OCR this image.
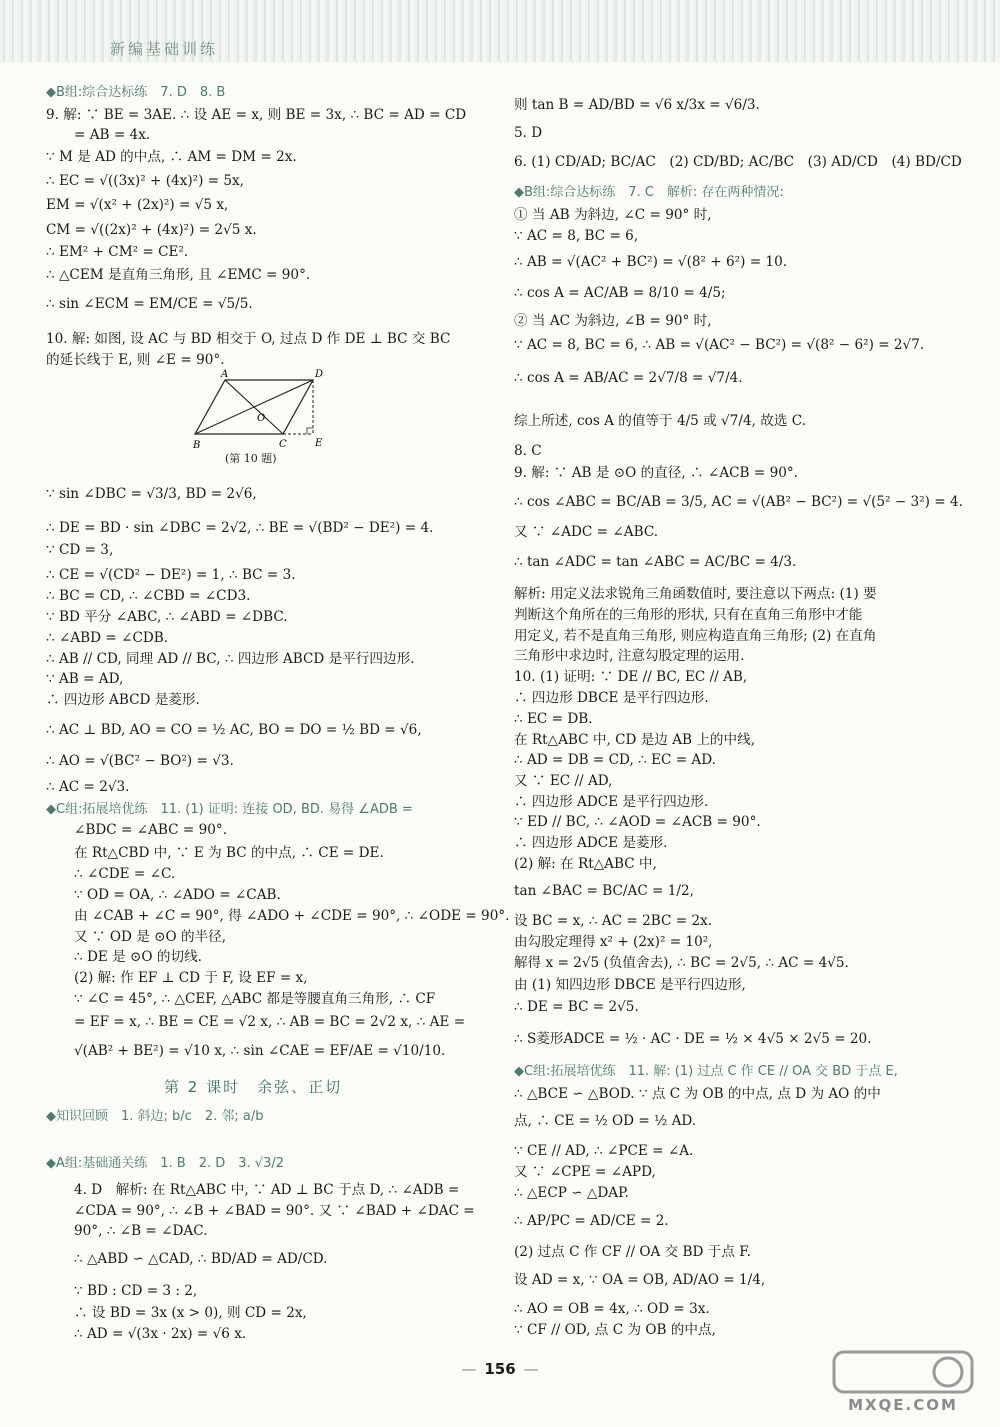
新编基础训练
◆B组:综合达标练　7. D　8. B
9. 解: ∵ BE = 3AE. ∴ 设 AE = x, 则 BE = 3x, ∴ BC = AD = CD
= AB = 4x.
∵ M 是 AD 的中点, ∴ AM = DM = 2x.
∴ EC = √((3x)² + (4x)²) = 5x,
EM = √(x² + (2x)²) = √5 x,
CM = √((2x)² + (4x)²) = 2√5 x.
∴ EM² + CM² = CE².
∴ △CEM 是直角三角形, 且 ∠EMC = 90°.
∴ sin ∠ECM = EM/CE = √5/5.
10. 解: 如图, 设 AC 与 BD 相交于 O, 过点 D 作 DE ⊥ BC 交 BC
的延长线于 E, 则 ∠E = 90°.
∵ sin ∠DBC = √3/3, BD = 2√6,
∴ DE = BD · sin ∠DBC = 2√2, ∴ BE = √(BD² − DE²) = 4.
∵ CD = 3,
∴ CE = √(CD² − DE²) = 1, ∴ BC = 3.
∴ BC = CD, ∴ ∠CBD = ∠CD3.
∵ BD 平分 ∠ABC, ∴ ∠ABD = ∠DBC.
∴ ∠ABD = ∠CDB.
∴ AB // CD, 同理 AD // BC, ∴ 四边形 ABCD 是平行四边形.
∵ AB = AD,
∴ 四边形 ABCD 是菱形.
∴ AC ⊥ BD, AO = CO = ½ AC, BO = DO = ½ BD = √6,
∴ AO = √(BC² − BO²) = √3.
∴ AC = 2√3.
◆C组:拓展培优练　11. (1) 证明: 连接 OD, BD. 易得 ∠ADB =
∠BDC = ∠ABC = 90°.
在 Rt△CBD 中, ∵ E 为 BC 的中点, ∴ CE = DE.
∴ ∠CDE = ∠C.
∵ OD = OA, ∴ ∠ADO = ∠CAB.
由 ∠CAB + ∠C = 90°, 得 ∠ADO + ∠CDE = 90°, ∴ ∠ODE = 90°.
又 ∵ OD 是 ⊙O 的半径,
∴ DE 是 ⊙O 的切线.
(2) 解: 作 EF ⊥ CD 于 F, 设 EF = x,
∵ ∠C = 45°, ∴ △CEF, △ABC 都是等腰直角三角形, ∴ CF
= EF = x, ∴ BE = CE = √2 x, ∴ AB = BC = 2√2 x, ∴ AE =
√(AB² + BE²) = √10 x, ∴ sin ∠CAE = EF/AE = √10/10.
第 2 课时　余弦、正切
◆知识回顾　1. 斜边; b/c　2. 邻; a/b
◆A组:基础通关练　1. B　2. D　3. √3/2
4. D　解析: 在 Rt△ABC 中, ∵ AD ⊥ BC 于点 D, ∴ ∠ADB =
∠CDA = 90°, ∴ ∠B + ∠BAD = 90°. 又 ∵ ∠BAD + ∠DAC =
90°, ∴ ∠B = ∠DAC.
∴ △ABD ∽ △CAD, ∴ BD/AD = AD/CD.
∵ BD : CD = 3 : 2,
∴ 设 BD = 3x (x > 0), 则 CD = 2x,
∴ AD = √(3x · 2x) = √6 x.
则 tan B = AD/BD = √6 x/3x = √6/3.
5. D
6. (1) CD/AD; BC/AC　(2) CD/BD; AC/BC　(3) AD/CD　(4) BD/CD
◆B组:综合达标练　7. C　解析: 存在两种情况:
① 当 AB 为斜边, ∠C = 90° 时,
∵ AC = 8, BC = 6,
∴ AB = √(AC² + BC²) = √(8² + 6²) = 10.
∴ cos A = AC/AB = 8/10 = 4/5;
② 当 AC 为斜边, ∠B = 90° 时,
∵ AC = 8, BC = 6, ∴ AB = √(AC² − BC²) = √(8² − 6²) = 2√7.
∴ cos A = AB/AC = 2√7/8 = √7/4.
综上所述, cos A 的值等于 4/5 或 √7/4, 故选 C.
8. C
9. 解: ∵ AB 是 ⊙O 的直径, ∴ ∠ACB = 90°.
∴ cos ∠ABC = BC/AB = 3/5, AC = √(AB² − BC²) = √(5² − 3²) = 4.
又 ∵ ∠ADC = ∠ABC.
∴ tan ∠ADC = tan ∠ABC = AC/BC = 4/3.
解析: 用定义法求锐角三角函数值时, 要注意以下两点: (1) 要
判断这个角所在的三角形的形状, 只有在直角三角形中才能
用定义, 若不是直角三角形, 则应构造直角三角形; (2) 在直角
三角形中求边时, 注意勾股定理的运用.
10. (1) 证明: ∵ DE // BC, EC // AB,
∴ 四边形 DBCE 是平行四边形.
∴ EC = DB.
在 Rt△ABC 中, CD 是边 AB 上的中线,
∴ AD = DB = CD, ∴ EC = AD.
又 ∵ EC // AD,
∴ 四边形 ADCE 是平行四边形.
∵ ED // BC, ∴ ∠AOD = ∠ACB = 90°.
∴ 四边形 ADCE 是菱形.
(2) 解: 在 Rt△ABC 中,
tan ∠BAC = BC/AC = 1/2,
设 BC = x, ∴ AC = 2BC = 2x.
由勾股定理得 x² + (2x)² = 10²,
解得 x = 2√5 (负值舍去), ∴ BC = 2√5, ∴ AC = 4√5.
由 (1) 知四边形 DBCE 是平行四边形,
∴ DE = BC = 2√5.
∴ S菱形ADCE = ½ · AC · DE = ½ × 4√5 × 2√5 = 20.
◆C组:拓展培优练　11. 解: (1) 过点 C 作 CE // OA 交 BD 于点 E,
∴ △BCE ∽ △BOD. ∵ 点 C 为 OB 的中点, 点 D 为 AO 的中
点, ∴ CE = ½ OD = ½ AD.
∵ CE // AD, ∴ ∠PCE = ∠A.
又 ∵ ∠CPE = ∠APD,
∴ △ECP ∽ △DAP.
∴ AP/PC = AD/CE = 2.
(2) 过点 C 作 CF // OA 交 BD 于点 F.
设 AD = x, ∵ OA = OB, AD/AO = 1/4,
∴ AO = OB = 4x, ∴ OD = 3x.
∵ CF // OD, 点 C 为 OB 的中点,
A	D
B	C	E
O
(第 10 题)
— 156 —
MXQE.COM
